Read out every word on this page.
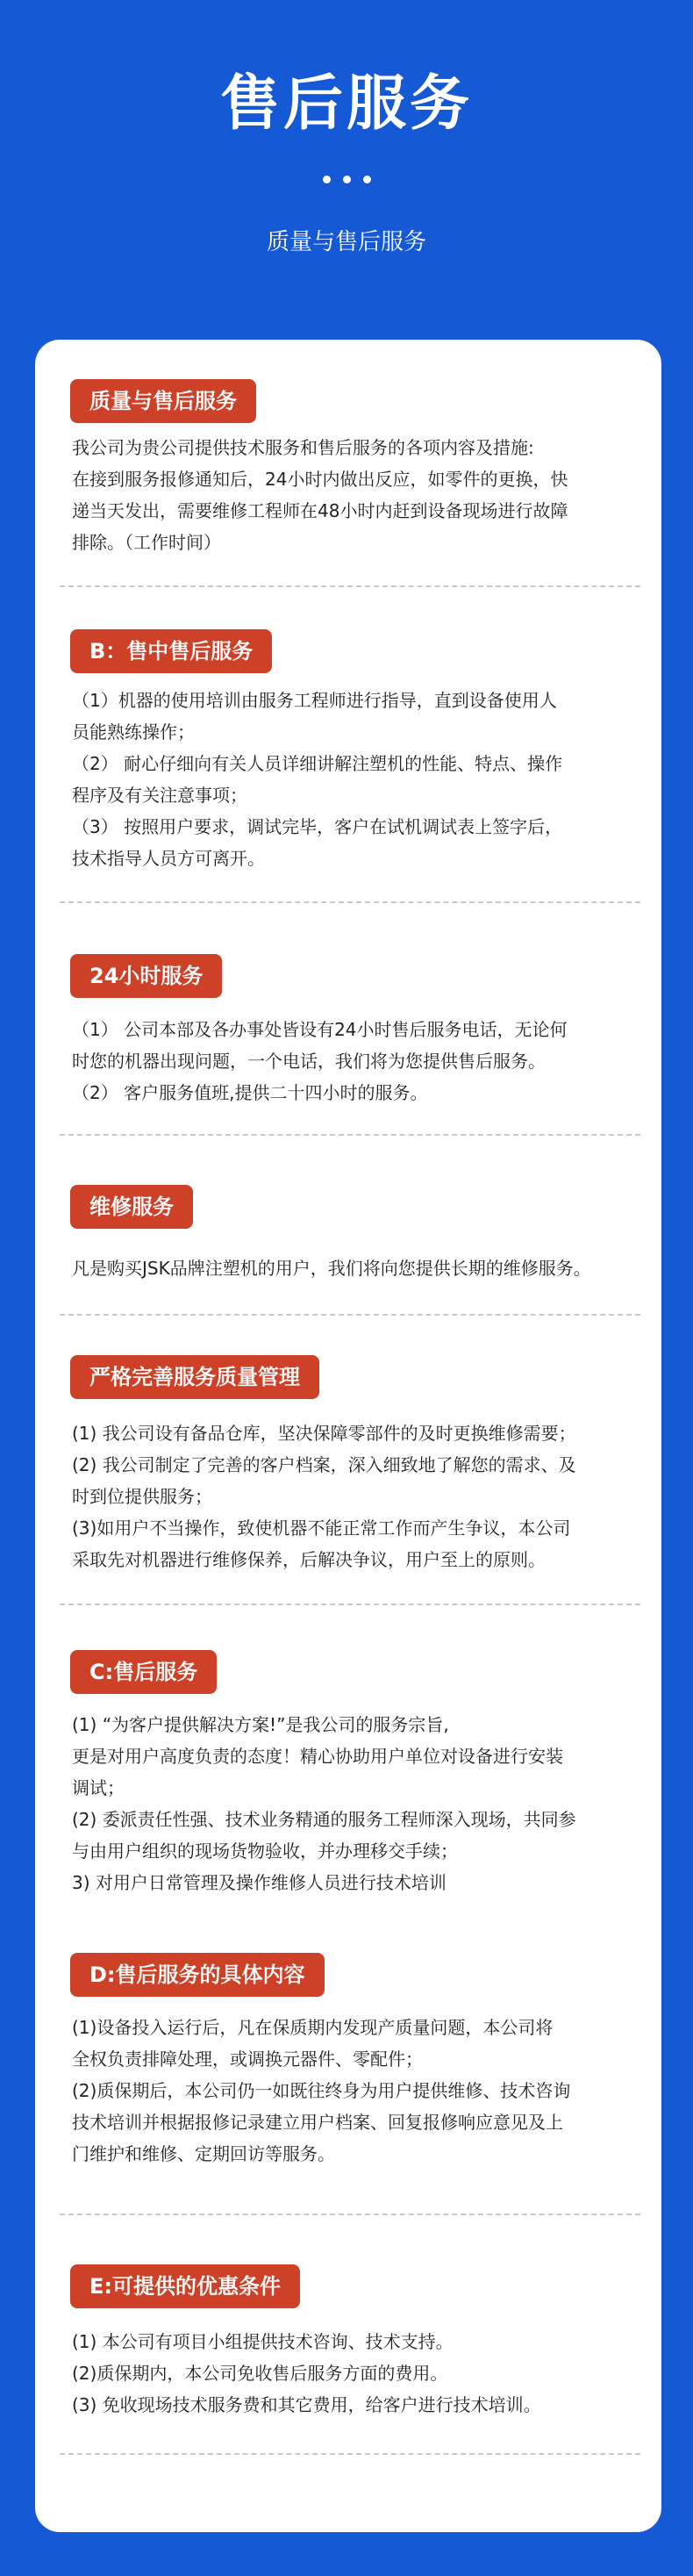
售后服务
质量与售后服务
质量与售后服务
我公司为贵公司提供技术服务和售后服务的各项内容及措施:
在接到服务报修通知后，24小时内做出反应，如零件的更换，快
递当天发出，需要维修工程师在48小时内赶到设备现场进行故障
排除。（工作时间）
B：售中售后服务
（1）机器的使用培训由服务工程师进行指导，直到设备使用人
员能熟练操作；
（2） 耐心仔细向有关人员详细讲解注塑机的性能、特点、操作
程序及有关注意事项；
（3） 按照用户要求，调试完毕，客户在试机调试表上签字后，
技术指导人员方可离开。
24小时服务
（1） 公司本部及各办事处皆设有24小时售后服务电话，无论何
时您的机器出现问题，一个电话，我们将为您提供售后服务。
（2） 客户服务值班,提供二十四小时的服务。
维修服务
凡是购买JSK品牌注塑机的用户，我们将向您提供长期的维修服务。
严格完善服务质量管理
(1) 我公司设有备品仓库，坚决保障零部件的及时更换维修需要；
(2) 我公司制定了完善的客户档案，深入细致地了解您的需求、及
时到位提供服务；
(3)如用户不当操作，致使机器不能正常工作而产生争议，本公司
采取先对机器进行维修保养，后解决争议，用户至上的原则。
C:售后服务
(1) “为客户提供解决方案!”是我公司的服务宗旨,
更是对用户高度负责的态度！精心协助用户单位对设备进行安装
调试；
(2) 委派责任性强、技术业务精通的服务工程师深入现场，共同参
与由用户组织的现场货物验收，并办理移交手续；
3) 对用户日常管理及操作维修人员进行技术培训
D:售后服务的具体内容
(1)设备投入运行后，凡在保质期内发现产质量问题，本公司将
全权负责排障处理，或调换元器件、零配件；
(2)质保期后，本公司仍一如既往终身为用户提供维修、技术咨询
技术培训并根据报修记录建立用户档案、回复报修响应意见及上
门维护和维修、定期回访等服务。
E:可提供的优惠条件
(1) 本公司有项目小组提供技术咨询、技术支持。
(2)质保期内，本公司免收售后服务方面的费用。
(3) 免收现场技术服务费和其它费用，给客户进行技术培训。
